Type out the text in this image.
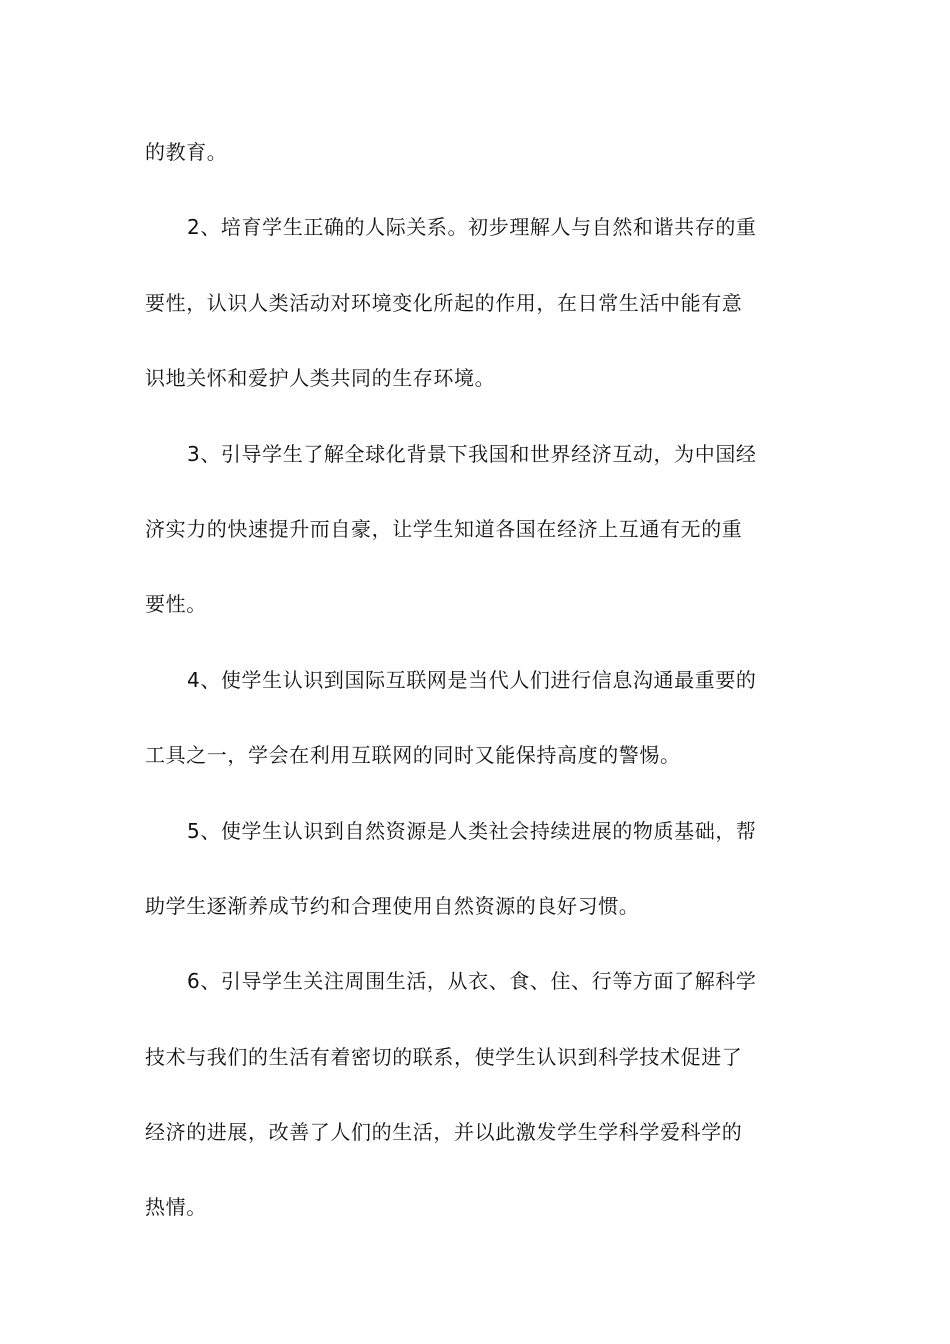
的教育。
2、培育学生正确的人际关系。初步理解人与自然和谐共存的重
要性，认识人类活动对环境变化所起的作用，在日常生活中能有意
识地关怀和爱护人类共同的生存环境。
3、引导学生了解全球化背景下我国和世界经济互动，为中国经
济实力的快速提升而自豪，让学生知道各国在经济上互通有无的重
要性。
4、使学生认识到国际互联网是当代人们进行信息沟通最重要的
工具之一，学会在利用互联网的同时又能保持高度的警惕。
5、使学生认识到自然资源是人类社会持续进展的物质基础，帮
助学生逐渐养成节约和合理使用自然资源的良好习惯。
6、引导学生关注周围生活，从衣、食、住、行等方面了解科学
技术与我们的生活有着密切的联系，使学生认识到科学技术促进了
经济的进展，改善了人们的生活，并以此激发学生学科学爱科学的
热情。
